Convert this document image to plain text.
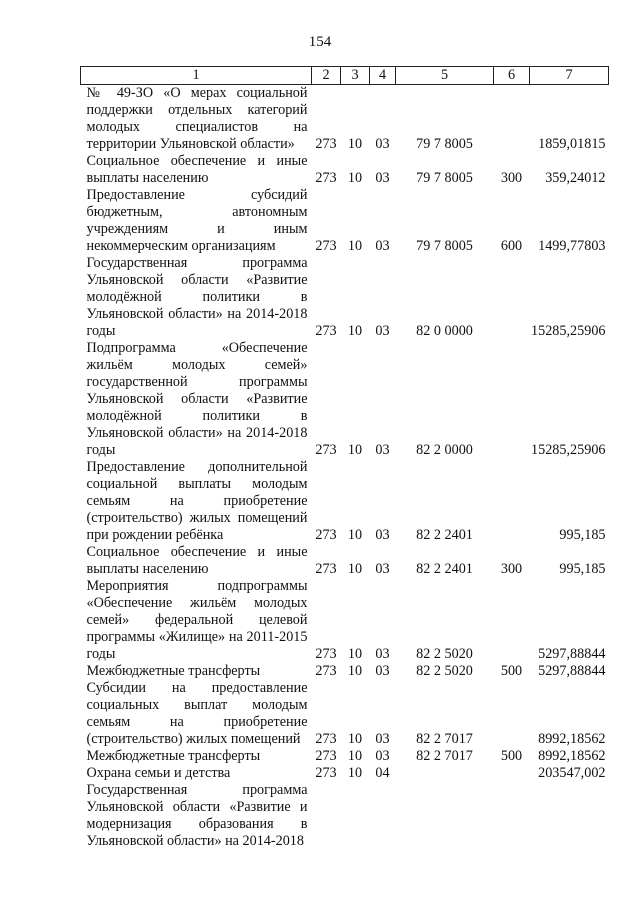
154
1	2	3	4	5	6	7
№ 49-ЗО «О мерах социальной поддержки отдельных категорий молодых специалистов на территории Ульяновской области»	273	10	03	79 7 8005		1859,01815
Социальное обеспечение и иные выплаты населению	273	10	03	79 7 8005	300	359,24012
Предоставление субсидий бюджетным, автономным учреждениям и иным некоммерческим организациям	273	10	03	79 7 8005	600	1499,77803
Государственная программа Ульяновской области «Развитие молодёжной политики в Ульяновской области» на 2014-2018 годы	273	10	03	82 0 0000		15285,25906
Подпрограмма «Обеспечение жильём молодых семей» государственной программы Ульяновской области «Развитие молодёжной политики в Ульяновской области» на 2014-2018 годы	273	10	03	82 2 0000		15285,25906
Предоставление дополнительной социальной выплаты молодым семьям на приобретение (строительство) жилых помещений при рождении ребёнка	273	10	03	82 2 2401		995,185
Социальное обеспечение и иные выплаты населению	273	10	03	82 2 2401	300	995,185
Мероприятия подпрограммы «Обеспечение жильём молодых семей» федеральной целевой программы «Жилище» на 2011-2015 годы	273	10	03	82 2 5020		5297,88844
Межбюджетные трансферты	273	10	03	82 2 5020	500	5297,88844
Субсидии на предоставление социальных выплат молодым семьям на приобретение (строительство) жилых помещений	273	10	03	82 2 7017		8992,18562
Межбюджетные трансферты	273	10	03	82 2 7017	500	8992,18562
Охрана семьи и детства	273	10	04			203547,002
Государственная программа Ульяновской области «Развитие и модернизация образования в Ульяновской области» на 2014-2018						
